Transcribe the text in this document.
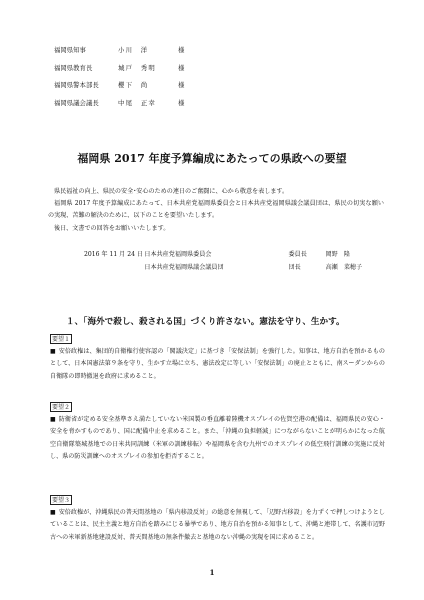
福岡県知事	小川　洋	様
福岡県教育長	城戸　秀明	様
福岡県警本部長	櫻下　尚	様
福岡県議会議長	中尾　正幸	様
福岡県 2017 年度予算編成にあたっての県政への要望

県民福祉の向上、県民の安全･安心のための連日のご奮闘に、心から敬意を表します。

福岡県 2017 年度予算編成にあたって、日本共産党福岡県委員会と日本共産党福岡県議会議員団は、県民の切実な願いの実現、苦難の解決のために、以下のことを要望いたします。

後日、文書での回答をお願いいたします。

2016 年 11 月 24 日 日本共産党福岡県委員会	委員長	岡野　隆
日本共産党福岡県議会議員団	団長	高瀬　菜穂子
１、「海外で殺し、殺される国」づくり許さない。憲法を守り、生かす。
要望１
■ 安倍政権は、集団的自衛権行使容認の「閣議決定」に基づき「安保法制」を強行した。知事は、地方自治を預かるものとして、日本国憲法第９条を守り、生かす立場に立ち、憲法改定に等しい「安保法制」の廃止とともに、南スーダンからの自衛隊の即時撤退を政府に求めること。
要望２
■ 防衛省が定める安全基準さえ満たしていない米国製の垂直離着陸機オスプレイの佐賀空港の配備は、福岡県民の安心・安全を脅かすものであり、国に配備中止を求めること。また、「沖縄の負担軽減」につながらないことが明らかになった航空自衛隊築城基地での日米共同訓練（米軍の訓練移転）や福岡県を含む九州でのオスプレイの低空飛行訓練の実施に反対し、県の防災訓練へのオスプレイの参加を拒否すること。
要望３
■ 安倍政権が、沖縄県民の普天間基地の「県内移設反対」の総意を無視して、「辺野古移設」を力ずくで押しつけようとしていることは、民主主義と地方自治を踏みにじる暴挙であり、地方自治を預かる知事として、沖縄と連帯して、名護市辺野古への米軍新基地建設反対、普天間基地の無条件撤去と基地のない沖縄の実現を国に求めること。
1
